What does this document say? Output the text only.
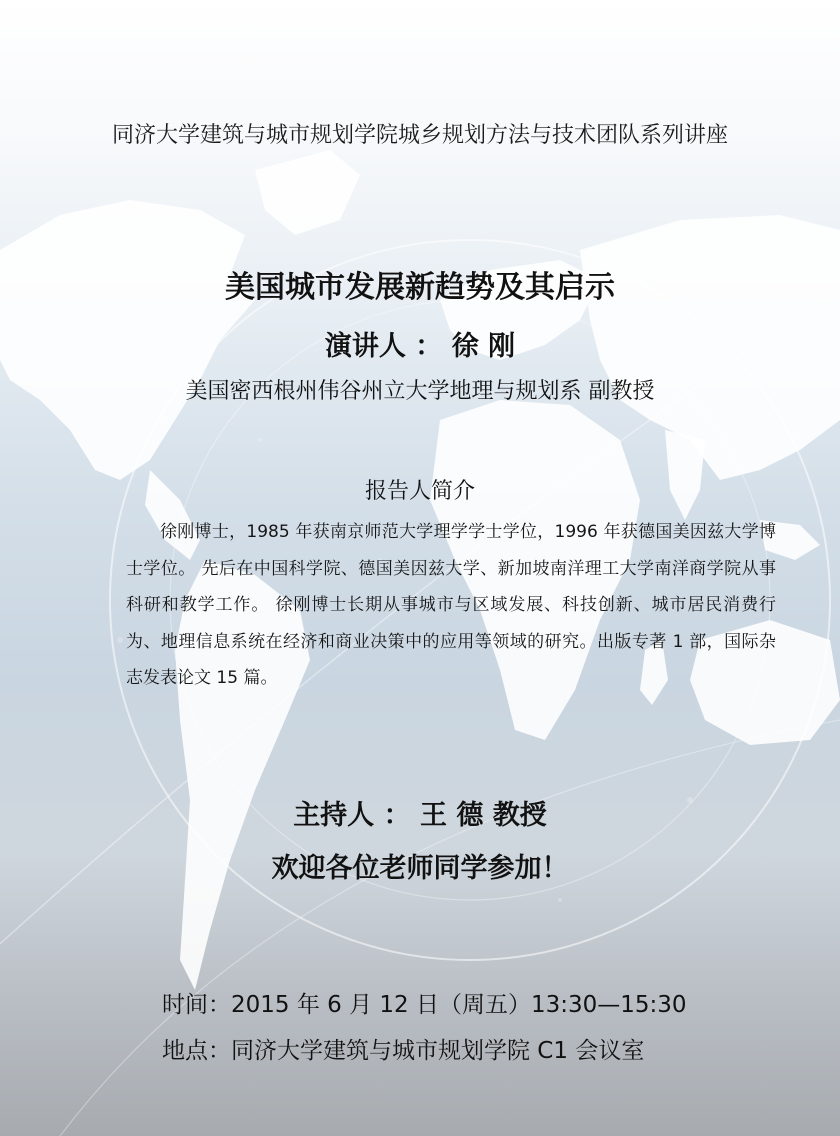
同济大学建筑与城市规划学院城乡规划方法与技术团队系列讲座
美国城市发展新趋势及其启示
演讲人 ： 徐 刚
美国密西根州伟谷州立大学地理与规划系 副教授
报告人简介
徐刚博士，1985 年获南京师范大学理学学士学位，1996 年获德国美因兹大学博士学位。 先后在中国科学院、德国美因兹大学、新加坡南洋理工大学南洋商学院从事科研和教学工作。 徐刚博士长期从事城市与区域发展、科技创新、城市居民消费行为、地理信息系统在经济和商业决策中的应用等领域的研究。出版专著 1 部，国际杂志发表论文 15 篇。
主持人 ： 王 德 教授
欢迎各位老师同学参加！
时间：2015 年 6 月 12 日（周五）13:30—15:30
地点：同济大学建筑与城市规划学院 C1 会议室
